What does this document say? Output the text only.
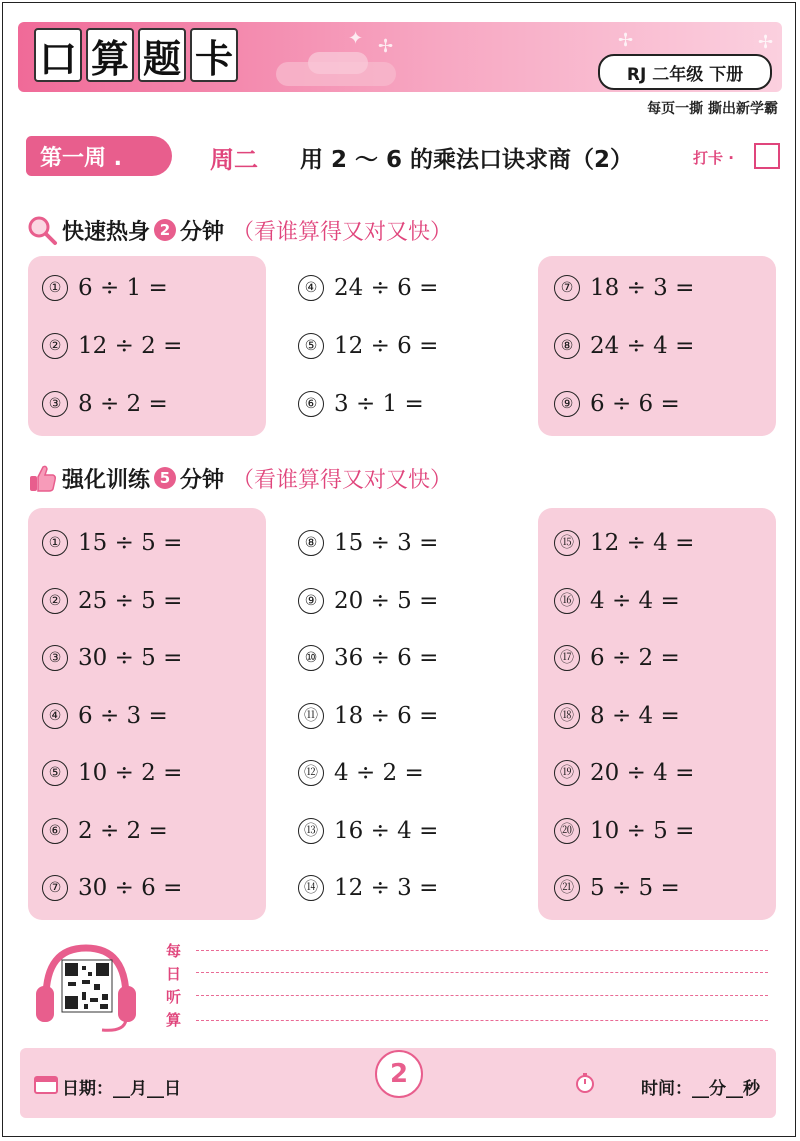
✦ ✢	✢	✢
口 算 题 卡	RJ 二年级 下册
每页一撕 撕出新学霸
第一周 .	周二 用 2 ～ 6 的乘法口诀求商（2）	打卡 ·
快速热身 2 分钟 （看谁算得又对又快）
① 6 ÷ 1 =
② 12 ÷ 2 =
③ 8 ÷ 2 =
④ 24 ÷ 6 =
⑤ 12 ÷ 6 =
⑥ 3 ÷ 1 =
⑦ 18 ÷ 3 =
⑧ 24 ÷ 4 =
⑨ 6 ÷ 6 =
强化训练 5 分钟 （看谁算得又对又快）
① 15 ÷ 5 =
② 25 ÷ 5 =
③ 30 ÷ 5 =
④ 6 ÷ 3 =
⑤ 10 ÷ 2 =
⑥ 2 ÷ 2 =
⑦ 30 ÷ 6 =
⑧ 15 ÷ 3 =
⑨ 20 ÷ 5 =
⑩ 36 ÷ 6 =
⑪ 18 ÷ 6 =
⑫ 4 ÷ 2 =
⑬ 16 ÷ 4 =
⑭ 12 ÷ 3 =
⑮ 12 ÷ 4 =
⑯ 4 ÷ 4 =
⑰ 6 ÷ 2 =
⑱ 8 ÷ 4 =
⑲ 20 ÷ 4 =
⑳ 10 ÷ 5 =
㉑ 5 ÷ 5 =
每日听算
日期：__月__日	时间：__分__秒
2
